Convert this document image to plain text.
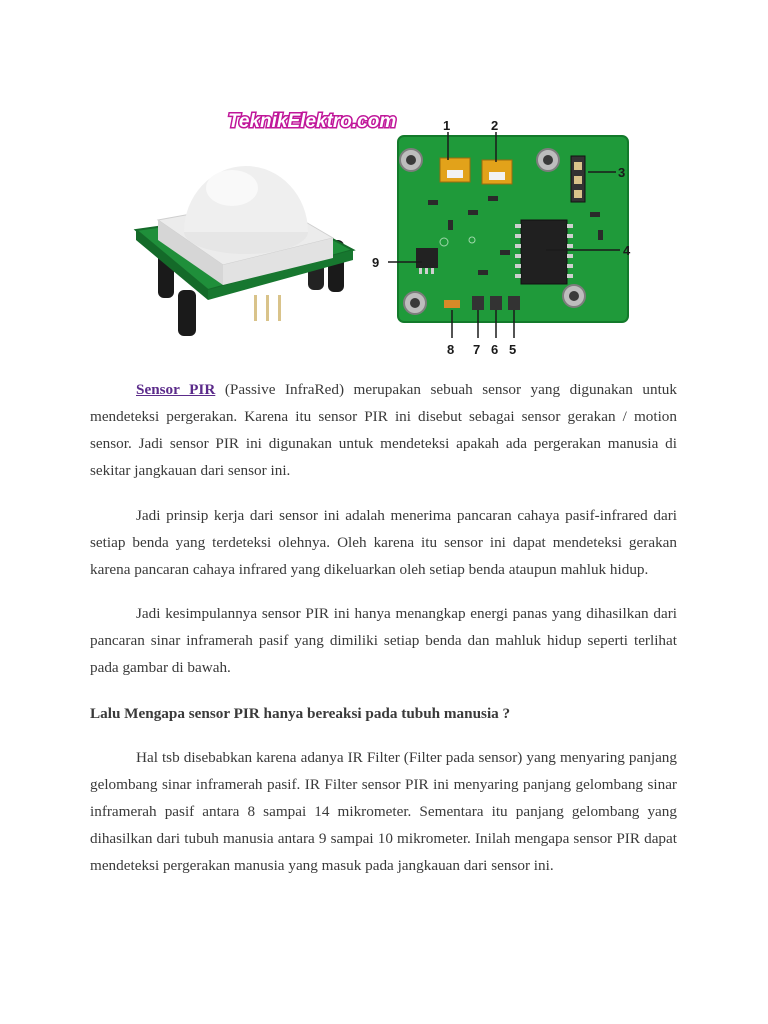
TeknikElektro.com	1	2
3
4
5
6
7
8
9

Sensor PIR (Passive InfraRed) merupakan sebuah sensor yang digunakan untuk mendeteksi pergerakan. Karena itu sensor PIR ini disebut sebagai sensor gerakan / motion sensor. Jadi sensor PIR ini digunakan untuk mendeteksi apakah ada pergerakan manusia di sekitar jangkauan dari sensor ini.

Jadi prinsip kerja dari sensor ini adalah menerima pancaran cahaya pasif-infrared dari setiap benda yang terdeteksi olehnya. Oleh karena itu sensor ini dapat mendeteksi gerakan karena pancaran cahaya infrared yang dikeluarkan oleh setiap benda ataupun mahluk hidup.

Jadi kesimpulannya sensor PIR ini hanya menangkap energi panas yang dihasilkan dari pancaran sinar inframerah pasif yang dimiliki setiap benda dan mahluk hidup seperti terlihat pada gambar di bawah.

Lalu Mengapa sensor PIR hanya bereaksi pada tubuh manusia ?

Hal tsb disebabkan karena adanya IR Filter (Filter pada sensor) yang menyaring panjang gelombang sinar inframerah pasif. IR Filter sensor PIR ini menyaring panjang gelombang sinar inframerah pasif antara 8 sampai 14 mikrometer. Sementara itu panjang gelombang yang dihasilkan dari tubuh manusia antara 9 sampai 10 mikrometer. Inilah mengapa sensor PIR dapat mendeteksi pergerakan manusia yang masuk pada jangkauan dari sensor ini.
